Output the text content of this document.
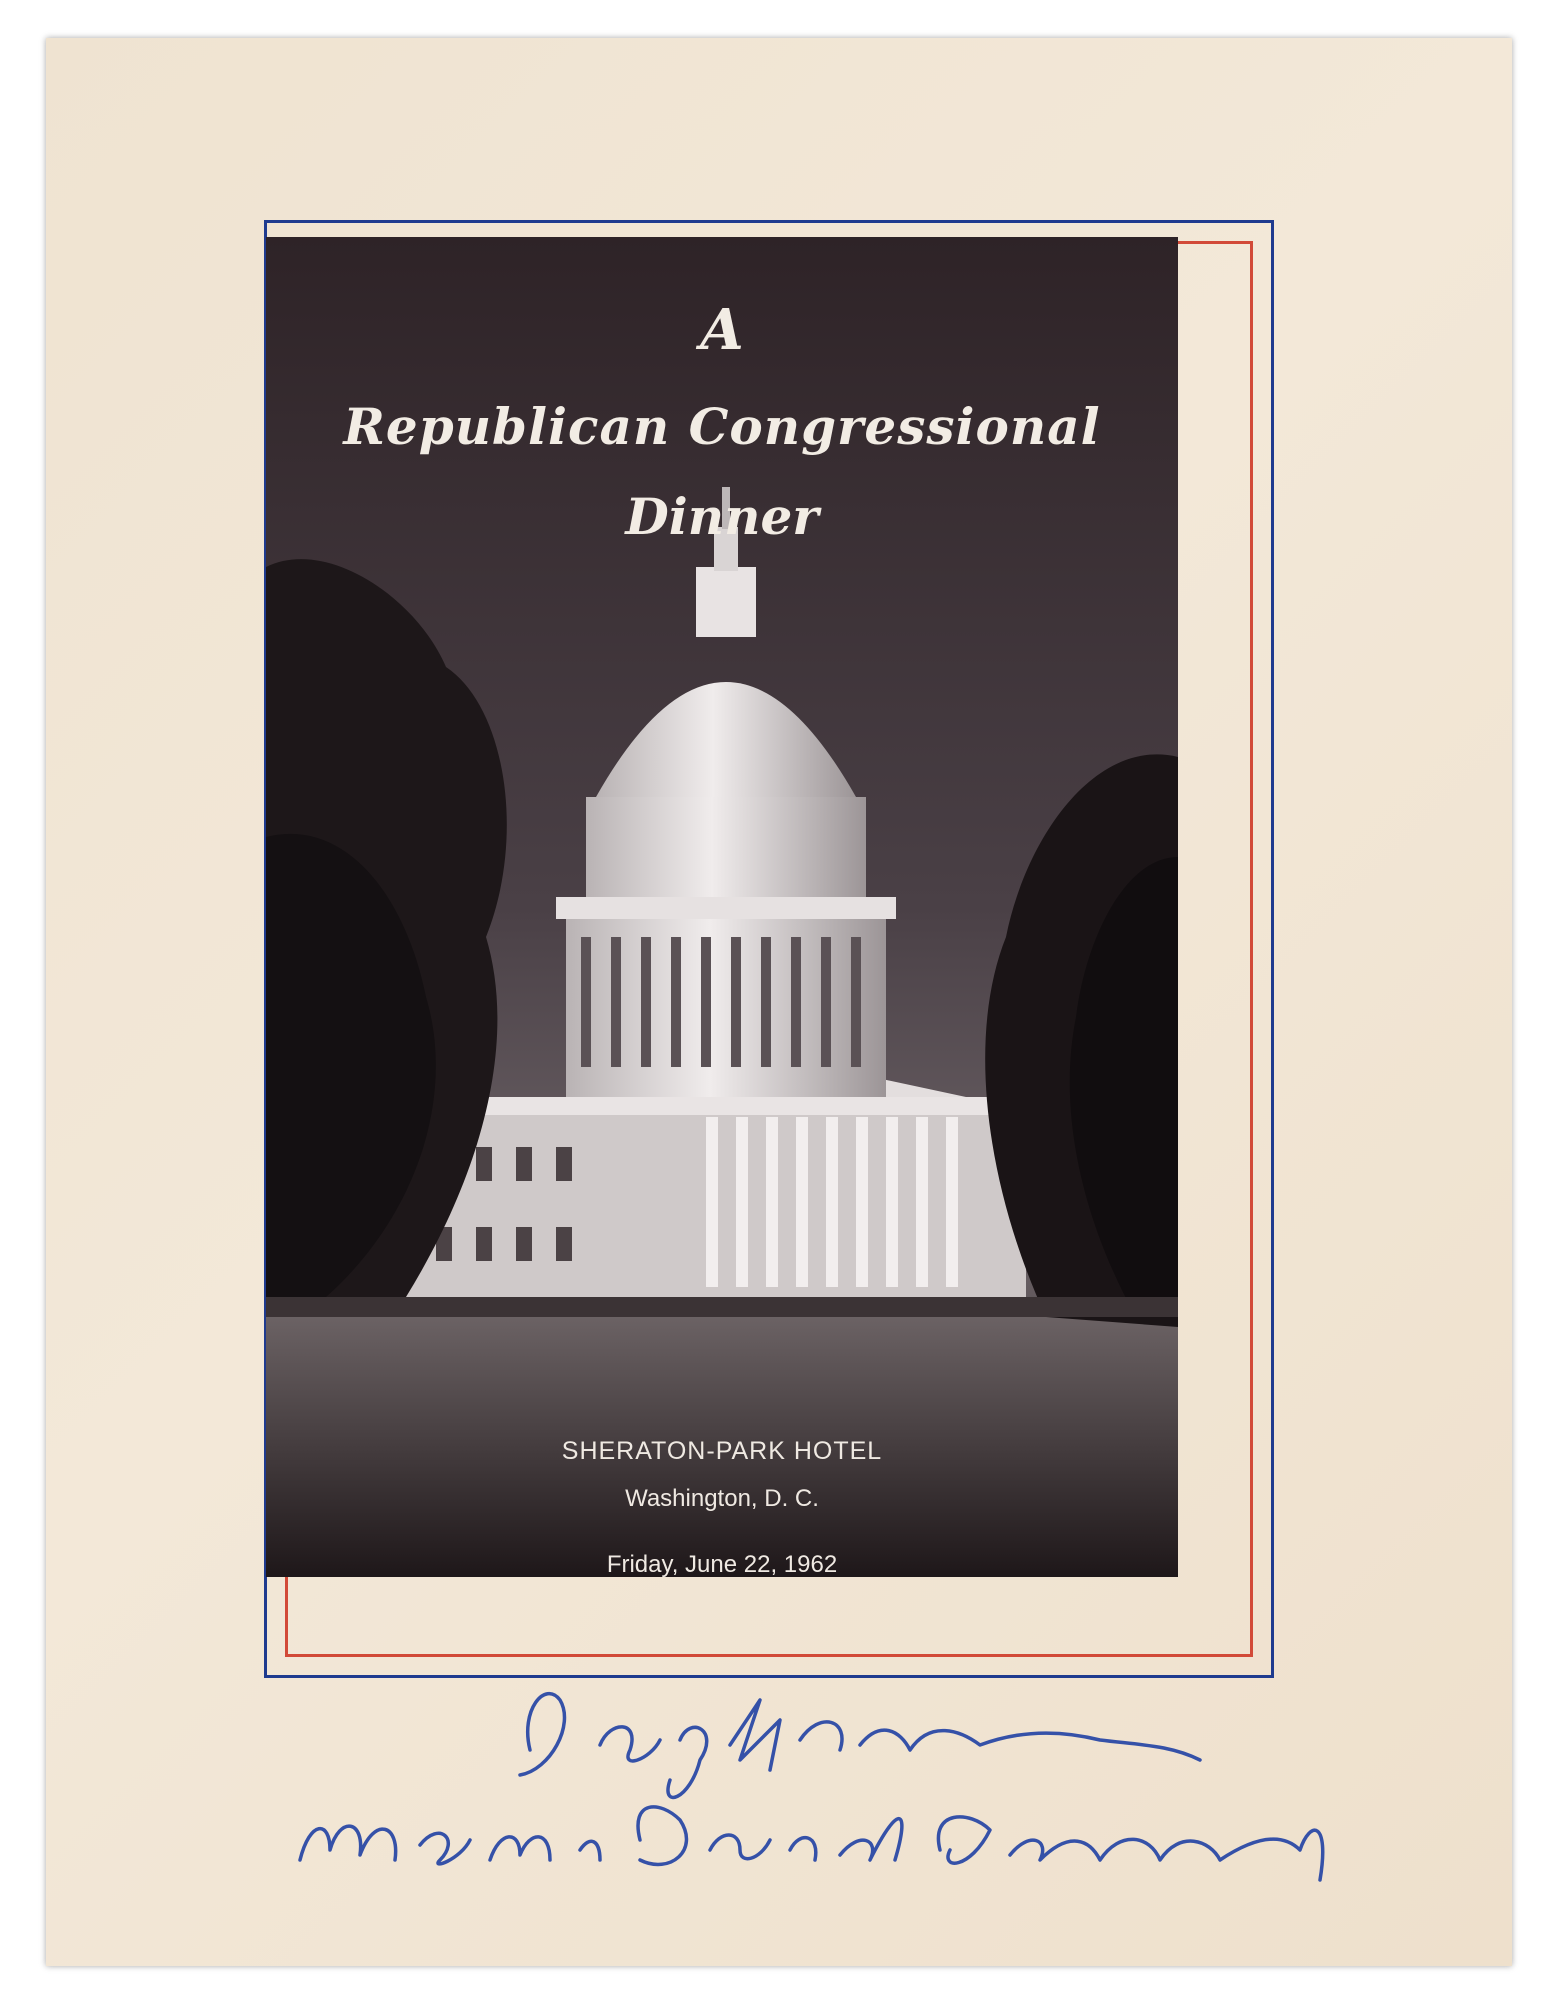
A
Republican Congressional
Dinner
SHERATON-PARK HOTEL
Washington, D. C.
Friday, June 22, 1962
